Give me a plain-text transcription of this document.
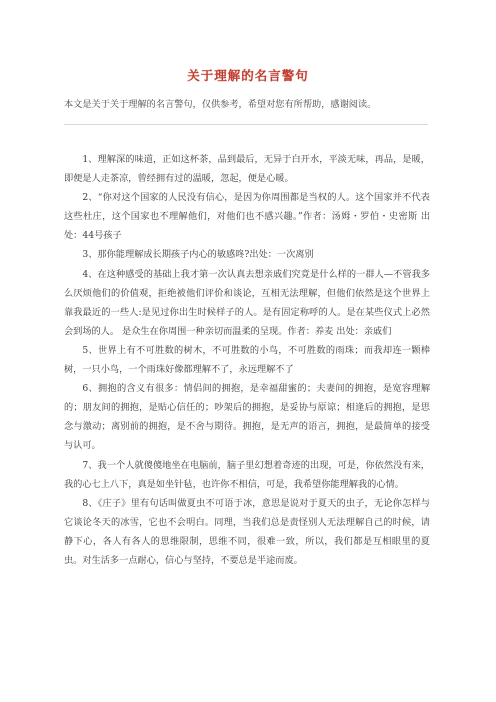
关于理解的名言警句
本文是关于关于理解的名言警句，仅供参考，希望对您有所帮助，感谢阅读。

1、理解深的味道，正如这杯茶，品到最后，无异于白开水，平淡无味，再品，是暖，即便是人走茶凉，曾经拥有过的温暖，忽起，便是心暖。

2、“你对这个国家的人民没有信心，是因为你周围都是当权的人。这个国家并不代表这些杜庄，这个国家也不理解他们，对他们也不感兴趣。”作者：汤姆・罗伯・史密斯 出处：44号孩子

3、那你能理解成长期孩子内心的敏感咚?出处：一次离别

4、在这种感受的基础上我才第一次认真去想亲戚们究竟是什么样的一群人—不管我多么厌烦他们的价值观，拒绝被他们评价和谈论，互相无法理解，但他们依然是这个世界上靠我最近的一些人:是见过你出生时候样子的人。是有固定称呼的人。是在某些仪式上必然会到场的人。 是众生在你周围一种亲切而温柔的呈现。作者：养麦 出处：亲戚们

5、世界上有不可胜数的树木，不可胜数的小鸟，不可胜数的雨珠；而我却连一颗棒树，一只小鸟，一个雨珠好像都理解不了，永远理解不了

6、拥抱的含义有很多：情侣间的拥抱，是幸福甜蜜的；夫妻间的拥抱，是宽容理解的；朋友间的拥抱，是贴心信任的；吵架后的拥抱，是妥协与原谅；相逢后的拥抱，是思念与激动；离别前的拥抱，是不舍与期待。拥抱，是无声的语言，拥抱，是最简单的接受与认可。

7、我一个人就傻傻地坐在电脑前，脑子里幻想着奇迹的出现，可是，你依然没有来，我的心七上八下，真是如坐针毡，也许你不相信，可是，我希望你能理解我的心情。

8、《庄子》里有句话叫做夏虫不可语于冰，意思是说对于夏天的虫子，无论你怎样与它谈论冬天的冰雪，它也不会明白。同理，当我们总是责怪别人无法理解自己的时候，请静下心，各人有各人的思维限制，思维不同，很难一致，所以，我们都是互相眼里的夏虫。对生活多一点耐心，信心与坚持，不要总是半途而废。
